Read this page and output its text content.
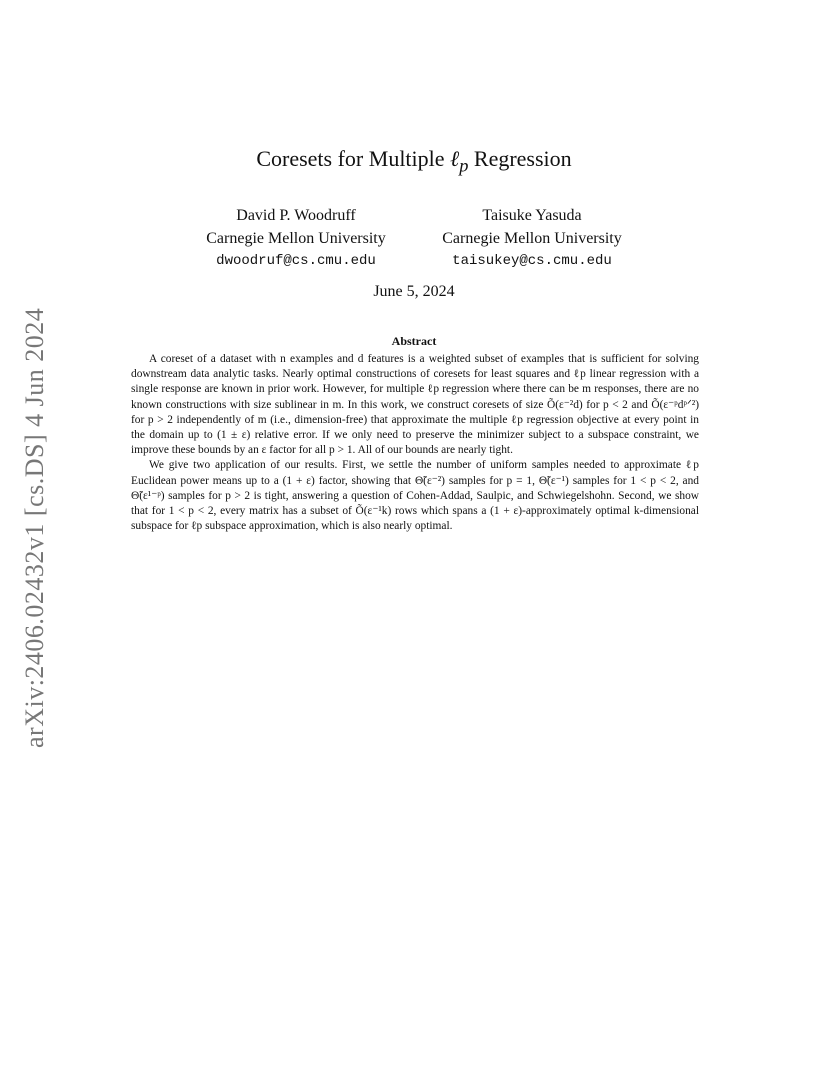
arXiv:2406.02432v1 [cs.DS] 4 Jun 2024
Coresets for Multiple ℓ$_p$ Regression
David P. Woodruff
Carnegie Mellon University
dwoodruf@cs.cmu.edu
Taisuke Yasuda
Carnegie Mellon University
taisukey@cs.cmu.edu
June 5, 2024
Abstract

A coreset of a dataset with n examples and d features is a weighted subset of examples that is sufficient for solving downstream data analytic tasks. Nearly optimal constructions of coresets for least squares and ℓp linear regression with a single response are known in prior work. However, for multiple ℓp regression where there can be m responses, there are no known constructions with size sublinear in m. In this work, we construct coresets of size Õ(ε⁻²d) for p < 2 and Õ(ε⁻ᵖdᵖᐟ²) for p > 2 independently of m (i.e., dimension-free) that approximate the multiple ℓp regression objective at every point in the domain up to (1 ± ε) relative error. If we only need to preserve the minimizer subject to a subspace constraint, we improve these bounds by an ε factor for all p > 1. All of our bounds are nearly tight.

We give two application of our results. First, we settle the number of uniform samples needed to approximate ℓp Euclidean power means up to a (1 + ε) factor, showing that Θ̃(ε⁻²) samples for p = 1, Θ̃(ε⁻¹) samples for 1 < p < 2, and Θ̃(ε¹⁻ᵖ) samples for p > 2 is tight, answering a question of Cohen-Addad, Saulpic, and Schwiegelshohn. Second, we show that for 1 < p < 2, every matrix has a subset of Õ(ε⁻¹k) rows which spans a (1 + ε)-approximately optimal k-dimensional subspace for ℓp subspace approximation, which is also nearly optimal.
